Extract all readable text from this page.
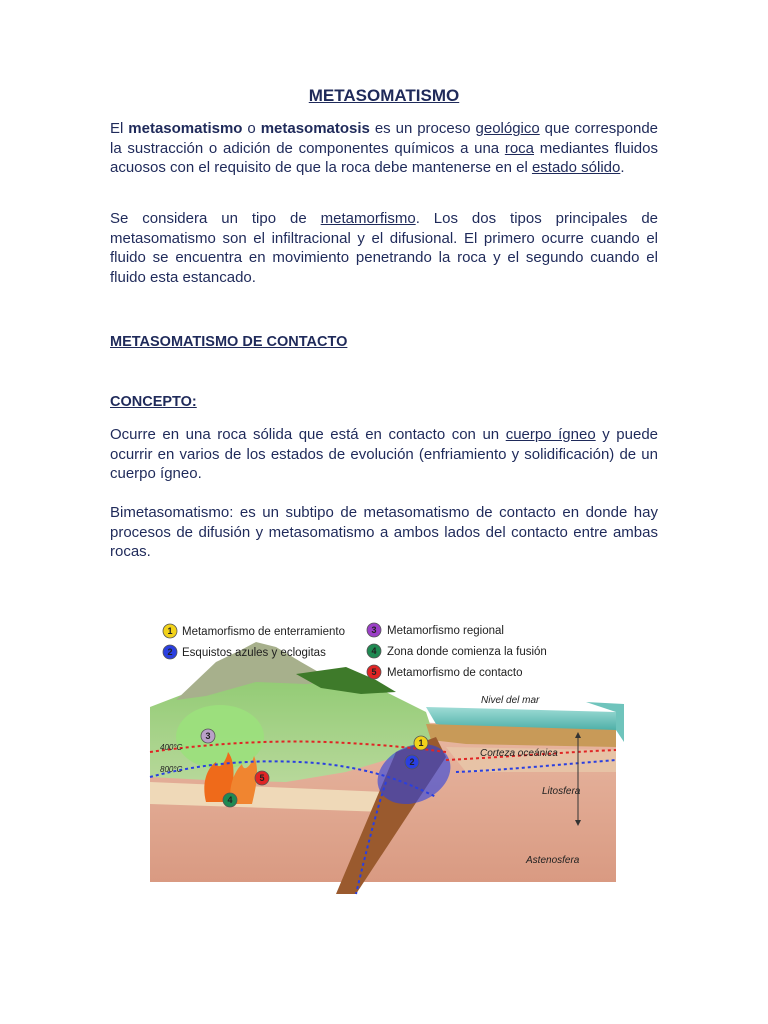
METASOMATISMO
El metasomatismo o metasomatosis es un proceso geológico que corresponde la sustracción o adición de componentes químicos a una roca mediantes fluidos acuosos con el requisito de que la roca debe mantenerse en el estado sólido.
Se considera un tipo de metamorfismo. Los dos tipos principales de metasomatismo son el infiltracional y el difusional. El primero ocurre cuando el fluido se encuentra en movimiento penetrando la roca y el segundo cuando el fluido esta estancado.
METASOMATISMO DE CONTACTO
CONCEPTO:
Ocurre en una roca sólida que está en contacto con un cuerpo ígneo y puede ocurrir en varios de los estados de evolución (enfriamiento y solidificación) de un cuerpo ígneo.
Bimetasomatismo: es un subtipo de metasomatismo de contacto en donde hay procesos de difusión y metasomatismo a ambos lados del contacto entre ambas rocas.
1
2
3
4
5
Nivel del mar
Corteza oceánica
Litosfera
Astenosfera
400°C
800°C
1 Metamorfismo de enterramiento
2 Esquistos azules y eclogitas
3 Metamorfismo regional
4 Zona donde comienza la fusión
5 Metamorfismo de contacto
